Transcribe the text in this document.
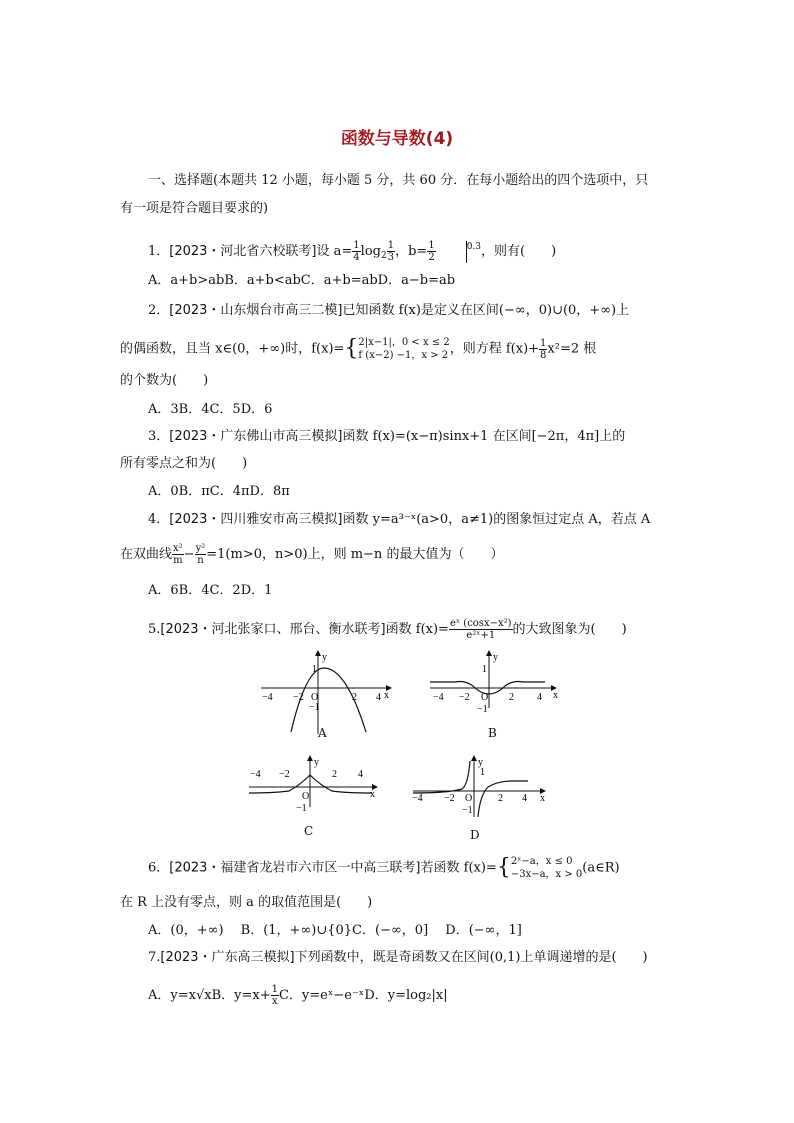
函数与导数(4)
一、选择题(本题共 12 小题，每小题 5 分，共 60 分．在每小题给出的四个选项中，只
有一项是符合题目要求的)
1．[2023・河北省六校联考]设 $a= \frac{1}{4} \log_2 \frac{1}{3}$ ，$b= \frac{1}{2}$	$^{0.3}$，则有(　　)
A．a+b>abB．a+b<abC．a+b=abD．a−b=ab
2．[2023・山东烟台市高三二模]已知函数 f(x)是定义在区间(−∞，0)∪(0，+∞)上
的偶函数，且当 x∈(0，+∞)时，f(x)={ 2|x−1|，0 < x ≤ 2
f (x−2) −1，x > 2 ，则方程 $f(x)+ \frac{1}{8} x^2=2$ 根
的个数为(　　)
A．3B．4C．5D．6
3．[2023・广东佛山市高三模拟]函数 f(x)=(x−π)sinx+1 在区间[−2π，4π]上的
所有零点之和为(　　)
A．0B．πC．4πD．8π
4．[2023・四川雅安市高三模拟]函数 y=a³⁻ˣ(a>0，a≠1)的图象恒过定点 A，若点 A
在双曲线 $\frac{\text{x²}}{m} - \frac{\text{y²}}{n} =1(m>0$，n>0)上，则 m−n 的最大值为（　　）
A．6B．4C．2D．1
5.[2023・河北张家口、邢台、衡水联考]函数 $f(x)= \frac{\text{eˣ (cosx−x²)}}{\text{e²ˣ+1}}$ 的大致图象为(　　)
−4 −2	2 4
1
O
−1
y
x
A
−4 −2	2 4
1
O
−1
y
x
B
−4 −2	2 4
O
−1
y
x
C
−4 −2	2 4
1
O
−1
y
x
D
6．[2023・福建省龙岩市六市区一中高三联考]若函数 f(x)={ 2ˣ−a，x ≤ 0
−3x−a，x > 0 (a∈R)
在 R 上没有零点，则 a 的取值范围是(　　)
A．(0，+∞)　 B．(1，+∞)∪{0}C．(−∞，0]　 D．(−∞，1]
7.[2023・广东高三模拟]下列函数中，既是奇函数又在区间(0,1)上单调递增的是(　　)
A．y=x√xB．$y=x+ \frac{1}{x}$ C．y=eˣ−e⁻ˣD．y=log₂|x|
